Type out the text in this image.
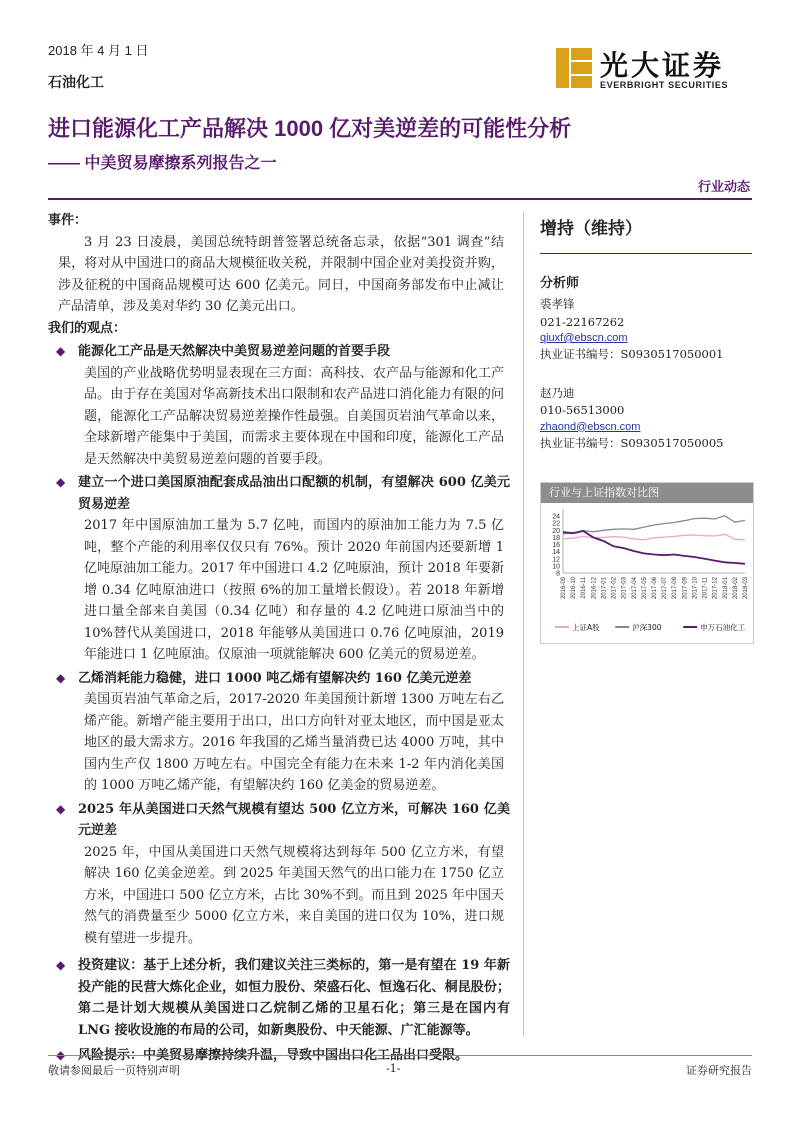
2018 年 4 月 1 日
石油化工	光大证券
EVERBRIGHT SECURITIES
进口能源化工产品解决 1000 亿对美逆差的可能性分析
—— 中美贸易摩擦系列报告之一
行业动态

事件：

3 月 23 日凌晨，美国总统特朗普签署总统备忘录，依据“301 调查”结果，将对从中国进口的商品大规模征收关税，并限制中国企业对美投资并购，涉及征税的中国商品规模可达 600 亿美元。同日，中国商务部发布中止减让产品清单，涉及美对华约 30 亿美元出口。

我们的观点：

◆ 能源化工产品是天然解决中美贸易逆差问题的首要手段

美国的产业战略优势明显表现在三方面：高科技、农产品与能源和化工产品。由于存在美国对华高新技术出口限制和农产品进口消化能力有限的问题，能源化工产品解决贸易逆差操作性最强。自美国页岩油气革命以来，全球新增产能集中于美国，而需求主要体现在中国和印度，能源化工产品是天然解决中美贸易逆差问题的首要手段。

◆ 建立一个进口美国原油配套成品油出口配额的机制，有望解决 600 亿美元贸易逆差

2017 年中国原油加工量为 5.7 亿吨，而国内的原油加工能力为 7.5 亿吨，整个产能的利用率仅仅只有 76%。预计 2020 年前国内还要新增 1 亿吨原油加工能力。2017 年中国进口 4.2 亿吨原油，预计 2018 年要新增 0.34 亿吨原油进口（按照 6%的加工量增长假设）。若 2018 年新增进口量全部来自美国（0.34 亿吨）和存量的 4.2 亿吨进口原油当中的 10%替代从美国进口，2018 年能够从美国进口 0.76 亿吨原油，2019 年能进口 1 亿吨原油。仅原油一项就能解决 600 亿美元的贸易逆差。

◆ 乙烯消耗能力稳健，进口 1000 吨乙烯有望解决约 160 亿美元逆差

美国页岩油气革命之后，2017-2020 年美国预计新增 1300 万吨左右乙烯产能。新增产能主要用于出口，出口方向针对亚太地区，而中国是亚太地区的最大需求方。2016 年我国的乙烯当量消费已达 4000 万吨，其中国内生产仅 1800 万吨左右。中国完全有能力在未来 1-2 年内消化美国的 1000 万吨乙烯产能，有望解决约 160 亿美金的贸易逆差。

◆ 2025 年从美国进口天然气规模有望达 500 亿立方米，可解决 160 亿美元逆差

2025 年，中国从美国进口天然气规模将达到每年 500 亿立方米，有望解决 160 亿美金逆差。到 2025 年美国天然气的出口能力在 1750 亿立方米，中国进口 500 亿立方米，占比 30%不到。而且到 2025 年中国天然气的消费量至少 5000 亿立方米，来自美国的进口仅为 10%，进口规模有望进一步提升。

◆ 投资建议：基于上述分析，我们建议关注三类标的，第一是有望在 19 年新投产能的民营大炼化企业，如恒力股份、荣盛石化、恒逸石化、桐昆股份；第二是计划大规模从美国进口乙烷制乙烯的卫星石化；第三是在国内有 LNG 接收设施的布局的公司，如新奥股份、中天能源、广汇能源等。

◆ 风险提示：中美贸易摩擦持续升温，导致中国出口化工品出口受限。

增持（维持）
分析师
裘孝锋
021-22167262
qiuxf@ebscn.com
执业证书编号：S0930517050001
赵乃迪
010-56513000
zhaond@ebscn.com
执业证书编号：S0930517050005
行业与上证指数对比图
8
10
12
14
16
18
20
22
24
2016-09 2016-10 2016-11 2016-12 2017-01 2017-02 2017-03 2017-04 2017-05 2017-06 2017-07 2017-08 2017-09 2017-10 2017-11 2017-12 2018-01 2018-02 2018-03
上证A股	沪深300	申万石油化工
敬请参阅最后一页特别声明	-1-	证券研究报告
